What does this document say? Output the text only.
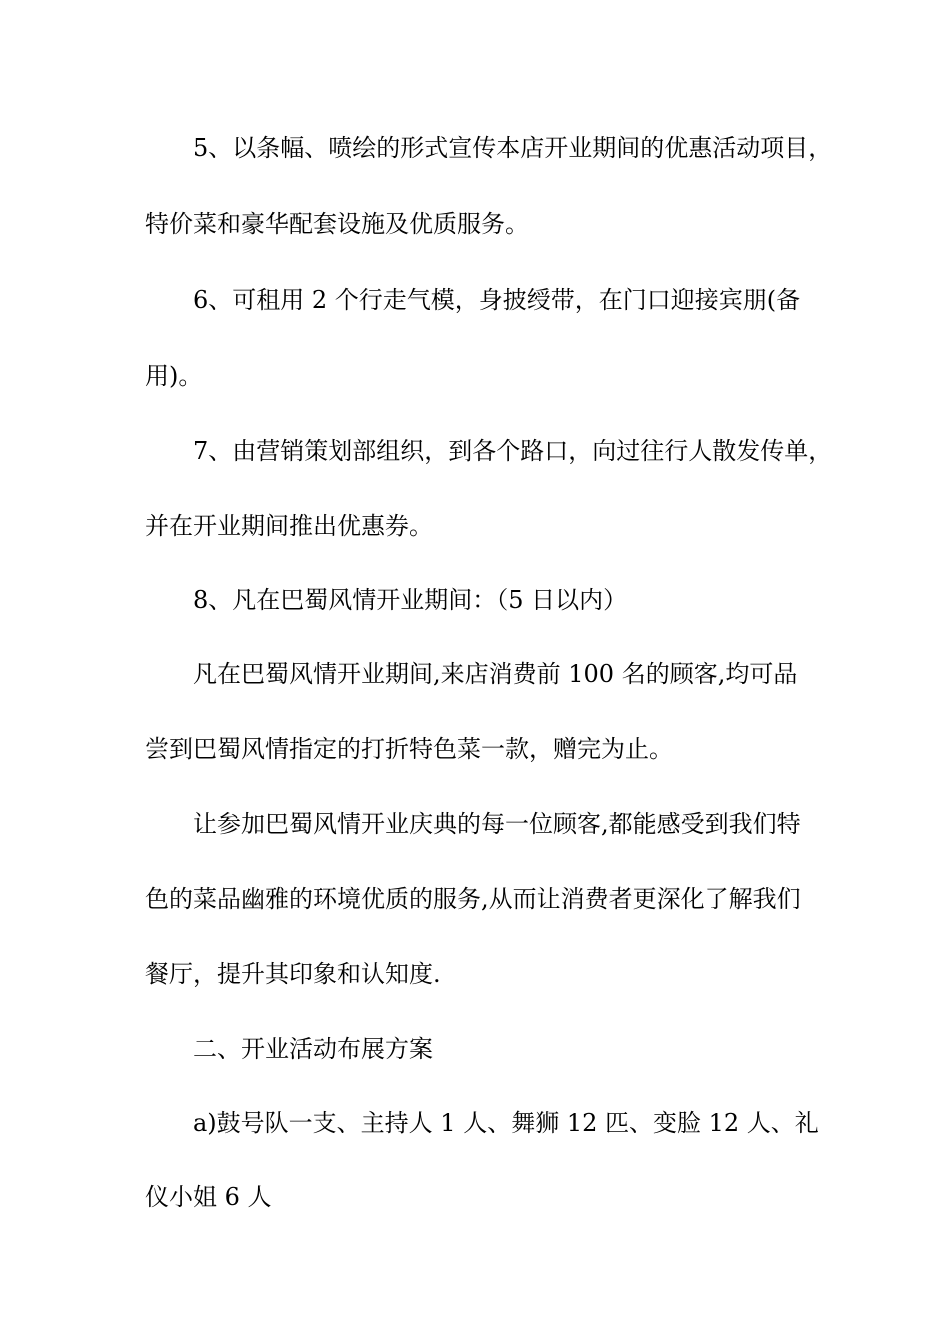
5、以条幅、喷绘的形式宣传本店开业期间的优惠活动项目，
特价菜和豪华配套设施及优质服务。
6、可租用 2 个行走气模，身披绶带，在门口迎接宾朋(备
用)。
7、由营销策划部组织，到各个路口，向过往行人散发传单，
并在开业期间推出优惠券。
8、凡在巴蜀风情开业期间：（5 日以内）
凡在巴蜀风情开业期间,来店消费前 100 名的顾客,均可品
尝到巴蜀风情指定的打折特色菜一款，赠完为止。
让参加巴蜀风情开业庆典的每一位顾客,都能感受到我们特
色的菜品幽雅的环境优质的服务,从而让消费者更深化了解我们
餐厅，提升其印象和认知度.
二、开业活动布展方案
a)鼓号队一支、主持人 1 人、舞狮 12 匹、变脸 12 人、礼
仪小姐 6 人
